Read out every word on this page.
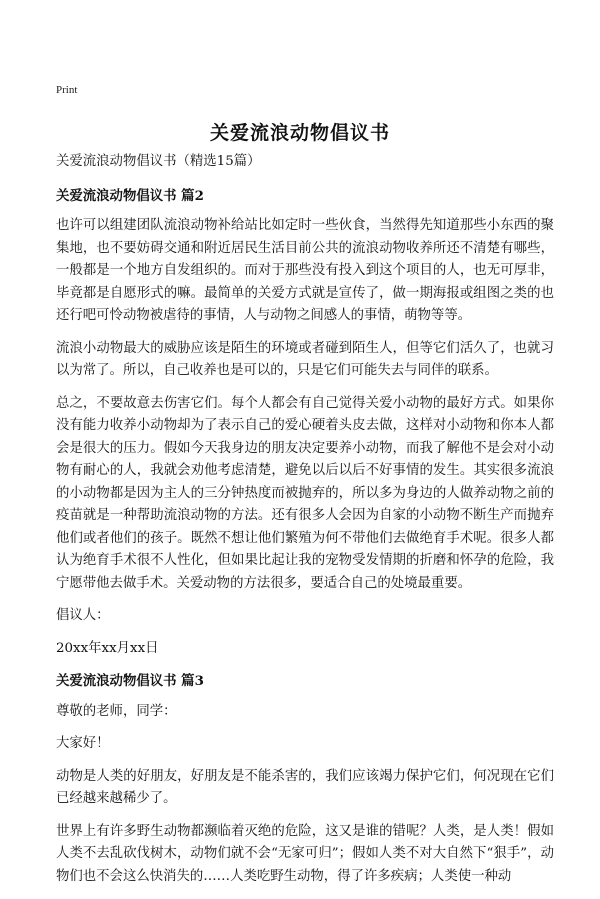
Print
关爱流浪动物倡议书

关爱流浪动物倡议书（精选15篇）

关爱流浪动物倡议书 篇2

也许可以组建团队流浪动物补给站比如定时一些伙食，当然得先知道那些小东西的聚集地，也不要妨碍交通和附近居民生活目前公共的流浪动物收养所还不清楚有哪些，一般都是一个地方自发组织的。而对于那些没有投入到这个项目的人，也无可厚非，毕竟都是自愿形式的嘛。最简单的关爱方式就是宣传了，做一期海报或组图之类的也还行吧可怜动物被虐待的事情，人与动物之间感人的事情，萌物等等。

流浪小动物最大的威胁应该是陌生的环境或者碰到陌生人，但等它们活久了，也就习以为常了。所以，自己收养也是可以的，只是它们可能失去与同伴的联系。

总之，不要故意去伤害它们。每个人都会有自己觉得关爱小动物的最好方式。如果你没有能力收养小动物却为了表示自己的爱心硬着头皮去做，这样对小动物和你本人都会是很大的压力。假如今天我身边的朋友决定要养小动物，而我了解他不是会对小动物有耐心的人，我就会劝他考虑清楚，避免以后以后不好事情的发生。其实很多流浪的小动物都是因为主人的三分钟热度而被抛弃的，所以多为身边的人做养动物之前的疫苗就是一种帮助流浪动物的方法。还有很多人会因为自家的小动物不断生产而抛弃他们或者他们的孩子。既然不想让他们繁殖为何不带他们去做绝育手术呢。很多人都认为绝育手术很不人性化，但如果比起让我的宠物受发情期的折磨和怀孕的危险，我宁愿带他去做手术。关爱动物的方法很多，要适合自己的处境最重要。

倡议人：

20xx年xx月xx日

关爱流浪动物倡议书 篇3

尊敬的老师，同学：

大家好！

动物是人类的好朋友，好朋友是不能杀害的，我们应该竭力保护它们，何况现在它们已经越来越稀少了。

世界上有许多野生动物都濒临着灭绝的危险，这又是谁的错呢？人类，是人类！假如人类不去乱砍伐树木，动物们就不会“无家可归”；假如人类不对大自然下“狠手”，动物们也不会这么快消失的……人类吃野生动物，得了许多疾病；人类使一种动
